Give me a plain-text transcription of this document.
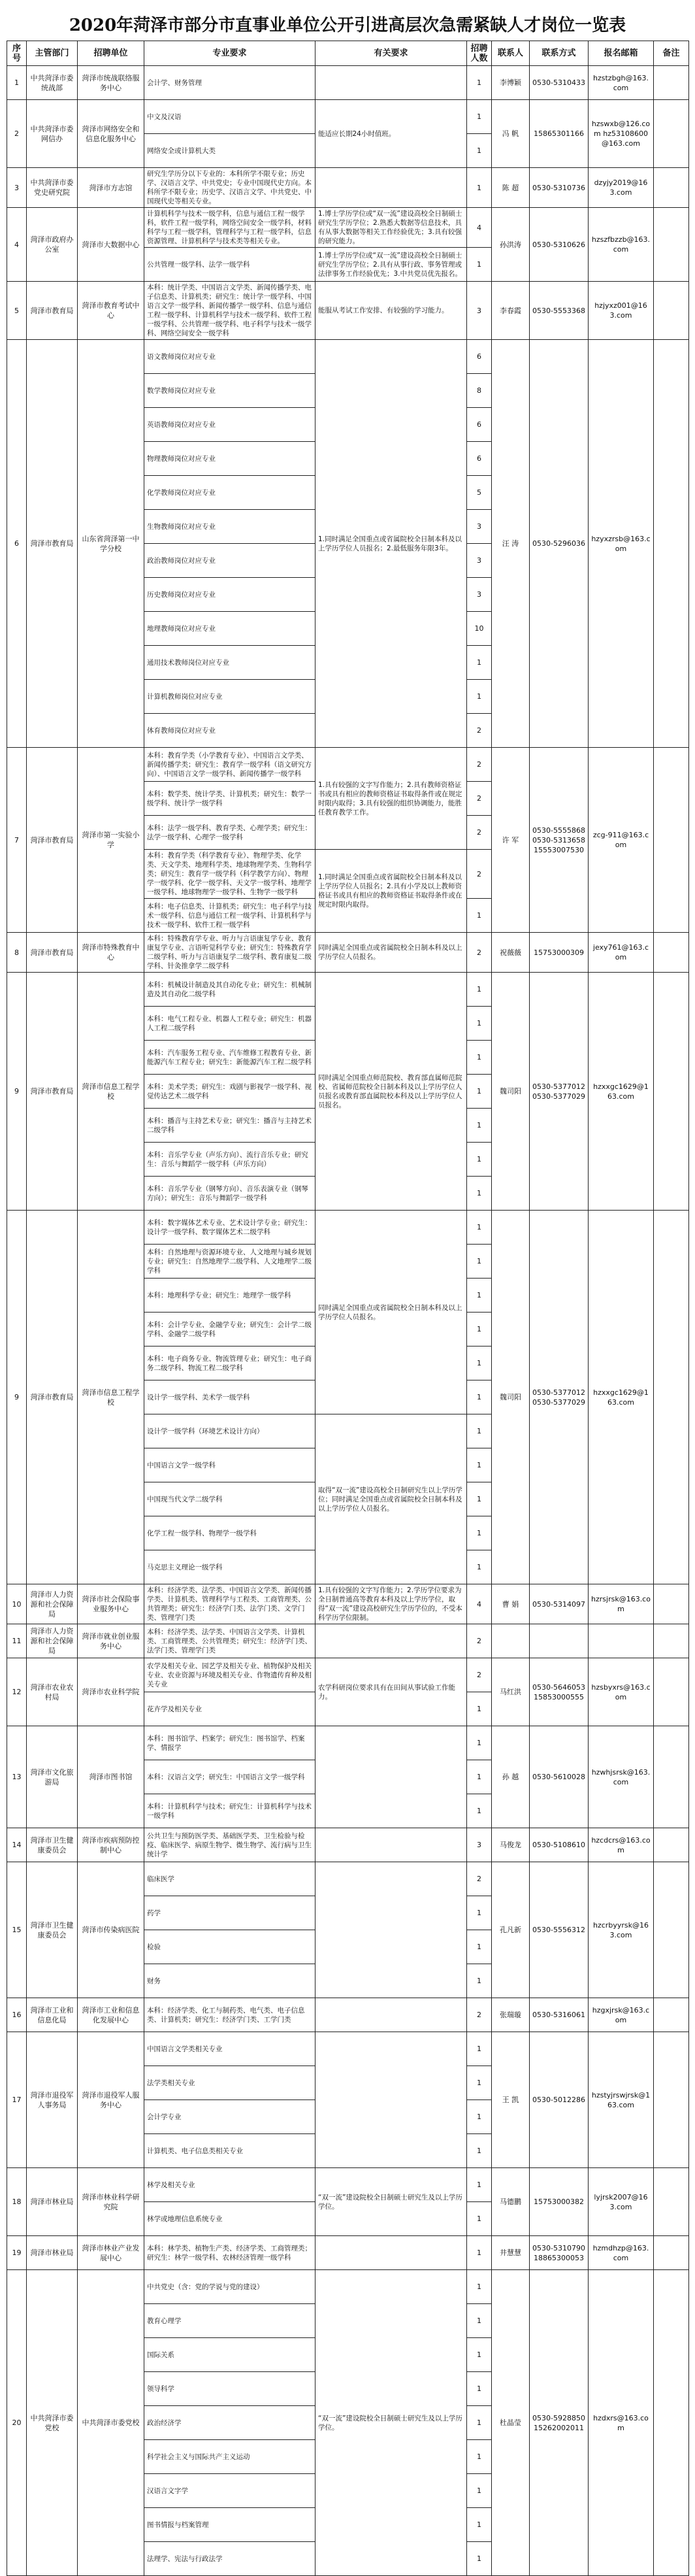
2020年菏泽市部分市直事业单位公开引进高层次急需紧缺人才岗位一览表
序号	主管部门	招聘单位	专业要求	有关要求	招聘人数	联系人	联系方式	报名邮箱	备注
1	中共菏泽市委统战部	菏泽市统战联络服务中心	会计学、财务管理		1	李博颖	0530-5310433	hzstzbgh@163.com	
2	中共菏泽市委网信办	菏泽市网络安全和信息化服务中心	中文及汉语	能适应长期24小时值班。	1	冯 帆	15865301166	hzswxb@126.com hz53108600@163.com	
			网络安全或计算机大类		1				
3	中共菏泽市委党史研究院	菏泽市方志馆	研究生学历分以下专业的：本科所学不限专业；历史学、汉语言文学、中共党史；专业中国现代史方向。本科所学不限专业；历史学、汉语言文学、中共党史、中国现代史等相关专业。		1	陈 超	0530-5310736	dzyjy2019@163.com	
4	菏泽市政府办公室	菏泽市大数据中心	计算机科学与技术一级学科，信息与通信工程一级学科，软件工程一级学科，网络空间安全一级学科，材料科学与工程一级学科，管理科学与工程一级学科，信息资源管理、计算机科学与技术类等相关专业。	1.博士学历学位或“双一流”建设高校全日制硕士研究生学历学位；2.熟悉大数据等信息技术，具有从事大数据等相关工作经验优先；3.具有较强的研究能力。	4	孙洪涛	0530-5310626	hzszfbzzb@163.com	
			公共管理一级学科、法学一级学科	1.博士学历学位或“双一流”建设高校全日制硕士研究生学历学位；2.具有从事行政、事务管理或法律事务工作经验优先；3.中共党员优先报名。	1				
5	菏泽市教育局	菏泽市教育考试中心	本科：统计学类、中国语言文学类、新闻传播学类、电子信息类、计算机类；研究生：统计学一级学科、中国语言文学一级学科、新闻传播学一级学科、信息与通信工程一级学科、计算机科学与技术一级学科、软件工程一级学科、公共管理一级学科、电子科学与技术一级学科、网络空间安全一级学科	能服从考试工作安排、有较强的学习能力。	3	李春霞	0530-5553368	hzjyxz001@163.com	
6	菏泽市教育局	山东省菏泽第一中学分校	语文教师岗位对应专业	1.同时满足全国重点或省属院校全日制本科及以上学历学位人员报名；2.最低服务年限3年。	6	汪 涛	0530-5296036	hzyxzrsb@163.com	
			数学教师岗位对应专业		8				
			英语教师岗位对应专业		6				
			物理教师岗位对应专业		6				
			化学教师岗位对应专业		5				
			生物教师岗位对应专业		3				
			政治教师岗位对应专业		3				
			历史教师岗位对应专业		3				
			地理教师岗位对应专业		10				
			通用技术教师岗位对应专业		1				
			计算机教师岗位对应专业		1				
			体育教师岗位对应专业		2				
7	菏泽市教育局	菏泽市第一实验小学	本科：教育学类（小学教育专业）、中国语言文学类、新闻传播学类；研究生：教育学一级学科（语文研究方向）、中国语言文学一级学科、新闻传播学一级学科	1.具有较强的文字写作能力；2.具有教师资格证书或具有相应的教师资格证书取得条件或在规定时限内取得；3.具有较强的组织协调能力，能胜任教育教学工作。	2	许 军	0530-5555868 0530-5313658 15553007530	zcg-911@163.com	
			本科：数学类、统计学类、计算机类；研究生：数学一级学科、统计学一级学科		2				
			本科：法学一级学科、教育学类、心理学类；研究生：法学一级学科、心理学一级学科		2				
			本科：教育学类（科学教育专业）、物理学类、化学类、天文学类、地理科学类、地球物理学类、生物科学类；研究生：教育学一级学科（科学教学方向）、物理学一级学科、化学一级学科、天文学一级学科、地理学一级学科、地球物理学一级学科、生物学一级学科	1.同时满足全国重点或省属院校全日制本科及以上学历学位人员报名；2.具有小学及以上教师资格证书或具有相应的教师资格证书取得条件或在规定时限内取得。	2				
			本科：电子信息类、计算机类；研究生：电子科学与技术一级学科、信息与通信工程一级学科、计算机科学与技术一级学科、软件工程一级学科		1				
8	菏泽市教育局	菏泽市特殊教育中心	本科：特殊教育学专业、听力与言语康复学专业、教育康复学专业、言语听觉科学专业；研究生：特殊教育学二级学科、听力与言语康复学二级学科、教育康复二级学科、针灸推拿学二级学科	同时满足全国重点或省属院校全日制本科及以上学历学位人员报名。	2	祝薇薇	15753000309	jexy761@163.com	
9	菏泽市教育局	菏泽市信息工程学校	本科：机械设计制造及其自动化专业；研究生：机械制造及其自动化二级学科	同时满足全国重点师范院校、教育部直属师范院校、省属师范院校全日制本科及以上学历学位人员报名或教育部直属院校本科及以上学历学位人员报名。	1	魏司阳	0530-5377012 0530-5377029	hzxxgc1629@163.com	
			本科：电气工程专业、机器人工程专业；研究生：机器人工程二级学科		1				
			本科：汽车服务工程专业、汽车维修工程教育专业、新能源汽车工程专业；研究生：新能源汽车工程二级学科		1				
			本科：美术学类；研究生：戏剧与影视学一级学科、视觉传达艺术二级学科		1				
			本科：播音与主持艺术专业；研究生：播音与主持艺术二级学科		1				
			本科：音乐学专业（声乐方向）、流行音乐专业；研究生：音乐与舞蹈学一级学科（声乐方向）		1				
			本科：音乐学专业（钢琴方向）、音乐表演专业（钢琴方向）；研究生：音乐与舞蹈学一级学科		1				
9	菏泽市教育局	菏泽市信息工程学校	本科：数字媒体艺术专业、艺术设计学专业；研究生：设计学一级学科、数字媒体艺术二级学科	同时满足全国重点或省属院校全日制本科及以上学历学位人员报名。	1	魏司阳	0530-5377012 0530-5377029	hzxxgc1629@163.com	
			本科：自然地理与资源环境专业、人文地理与城乡规划专业；研究生：自然地理学二级学科、人文地理学二级学科		1				
			本科：地理科学专业；研究生：地理学一级学科		1				
			本科：会计学专业、金融学专业；研究生：会计学二级学科、金融学二级学科		1				
			本科：电子商务专业、物流管理专业；研究生：电子商务二级学科、物流工程二级学科		1				
			设计学一级学科、美术学一级学科		1				
			设计学一级学科（环境艺术设计方向）	取得“双一流”建设高校全日制研究生以上学历学位；同时满足全国重点或省属院校全日制本科及以上学历学位人员报名。	1				
			中国语言文学一级学科		1				
			中国现当代文学二级学科		1				
			化学工程一级学科、物理学一级学科		1				
			马克思主义理论一级学科		1				
10	菏泽市人力资源和社会保障局	菏泽市社会保险事业服务中心	本科：经济学类、法学类、中国语言文学类、新闻传播学类、计算机类、管理科学与工程类、工商管理类、公共管理类；研究生：经济学门类、法学门类、文学门类、管理学门类	1.具有较强的文字写作能力；2.学历学位要求为全日制普通高等教育本科及以上学历学位，取得“双一流”建设高校研究生学历学位的，不受本科学历学位限制。	4	曹 娟	0530-5314097	hzrsjrsk@163.com	
11	菏泽市人力资源和社会保障局	菏泽市就业创业服务中心	本科：经济学类、法学类、中国语言文学类、计算机类、工商管理类、公共管理类；研究生：经济学门类、法学门类、管理学门类		2				
12	菏泽市农业农村局	菏泽市农业科学院	农学及相关专业、园艺学及相关专业、植物保护及相关专业、农业资源与环境及相关专业、作物遗传育种及相关专业	农学科研岗位要求具有在田间从事试验工作能力。	2	马红洪	0530-5646053 15853000555	hzsbyxrs@163.com	
			花卉学及相关专业		1				
13	菏泽市文化旅游局	菏泽市图书馆	本科：图书馆学、档案学；研究生：图书馆学、档案学、情报学		1	孙 越	0530-5610028	hzwhjsrsk@163.com	
			本科：汉语言文学；研究生：中国语言文学一级学科		1				
			本科：计算机科学与技术；研究生：计算机科学与技术一级学科		1				
14	菏泽市卫生健康委员会	菏泽市疾病预防控制中心	公共卫生与预防医学类、基础医学类、卫生检验与检疫、临床医学、病原生物学、微生物学、流行病与卫生统计学		3	马俊龙	0530-5108610	hzcdcrs@163.com	
15	菏泽市卫生健康委员会	菏泽市传染病医院	临床医学		2	孔凡新	0530-5556312	hzcrbyyrsk@163.com	
			药学		1				
			检验		1				
			财务		1				
16	菏泽市工业和信息化局	菏泽市工业和信息化发展中心	本科：经济学类、化工与制药类、电气类、电子信息类、计算机类；研究生：经济学门类、工学门类		2	张瑞璇	0530-5316061	hzgxjrsk@163.com	
17	菏泽市退役军人事务局	菏泽市退役军人服务中心	中国语言文学类相关专业		1	王 凯	0530-5012286	hzstyjrswjrsk@163.com	
			法学类相关专业		1				
			会计学专业		1				
			计算机类、电子信息类相关专业		1				
18	菏泽市林业局	菏泽市林业科学研究院	林学及相关专业	“双一流”建设院校全日制硕士研究生及以上学历学位。	1	马德鹏	15753000382	lyjrsk2007@163.com	
			林学或地理信息系统专业		1				
19	菏泽市林业局	菏泽市林业产业发展中心	本科：林学类、植物生产类、经济学类、工商管理类；研究生：林学一级学科、农林经济管理一级学科		1	井慧慧	0530-5310790 18865300053	hzmdhzp@163.com	
20	中共菏泽市委党校	中共菏泽市委党校	中共党史（含：党的学说与党的建设）	“双一流”建设院校全日制硕士研究生及以上学历学位。	1	杜晶莹	0530-5928850 15262002011	hzdxrs@163.com	
			教育心理学		1				
			国际关系		1				
			领导科学		1				
			政治经济学		1				
			科学社会主义与国际共产主义运动		1				
			汉语言文字学		1				
			图书情报与档案管理		1				
			法理学、宪法与行政法学		1				
